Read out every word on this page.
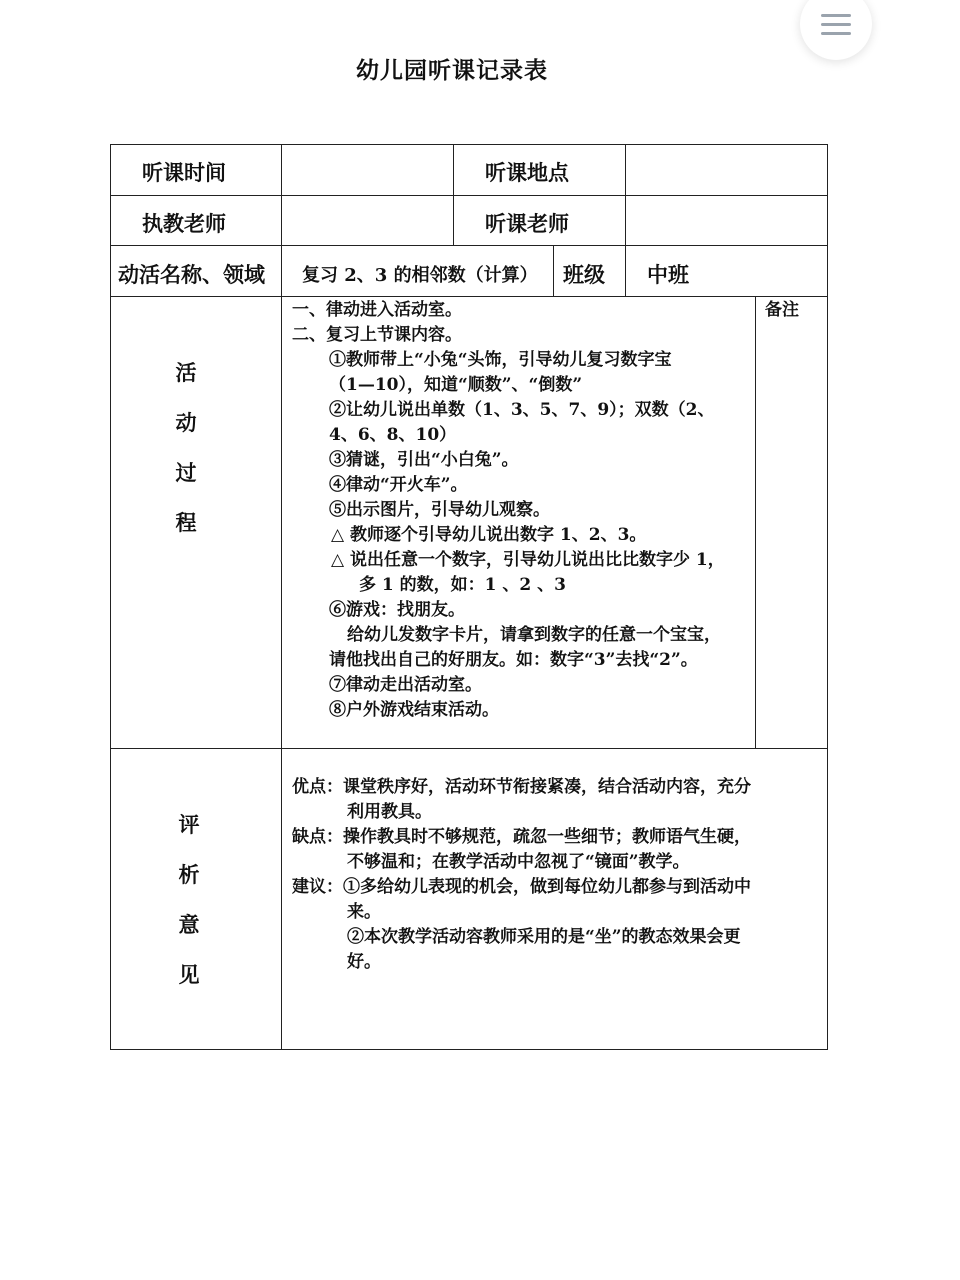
幼儿园听课记录表
听课时间	听课地点
执教老师	听课老师
动活名称、领域 复习 2、3 的相邻数（计算） 班级 中班
活
动
过
程
备注
一、律动进入活动室。
二、复习上节课内容。
①教师带上“小兔“头饰，引导幼儿复习数字宝
（1—10），知道“顺数”、“倒数”
②让幼儿说出单数（1、3、5、7、9）；双数（2、
4、6、8、10）
③猜谜，引出“小白兔”。
④律动“开火车”。
⑤出示图片，引导幼儿观察。
△ 教师逐个引导幼儿说出数字 1、2、3。
△ 说出任意一个数字，引导幼儿说出比比数字少 1，
多 1 的数，如：1 、2 、3
⑥游戏：找朋友。
给幼儿发数字卡片，请拿到数字的任意一个宝宝，
请他找出自己的好朋友。如：数字“3”去找“2”。
⑦律动走出活动室。
⑧户外游戏结束活动。
评
析
意
见
优点：课堂秩序好，活动环节衔接紧凑，结合活动内容，充分
利用教具。
缺点：操作教具时不够规范，疏忽一些细节；教师语气生硬，
不够温和；在教学活动中忽视了“镜面”教学。
建议：①多给幼儿表现的机会，做到每位幼儿都参与到活动中
来。
②本次教学活动容教师采用的是“坐”的教态效果会更
好。
